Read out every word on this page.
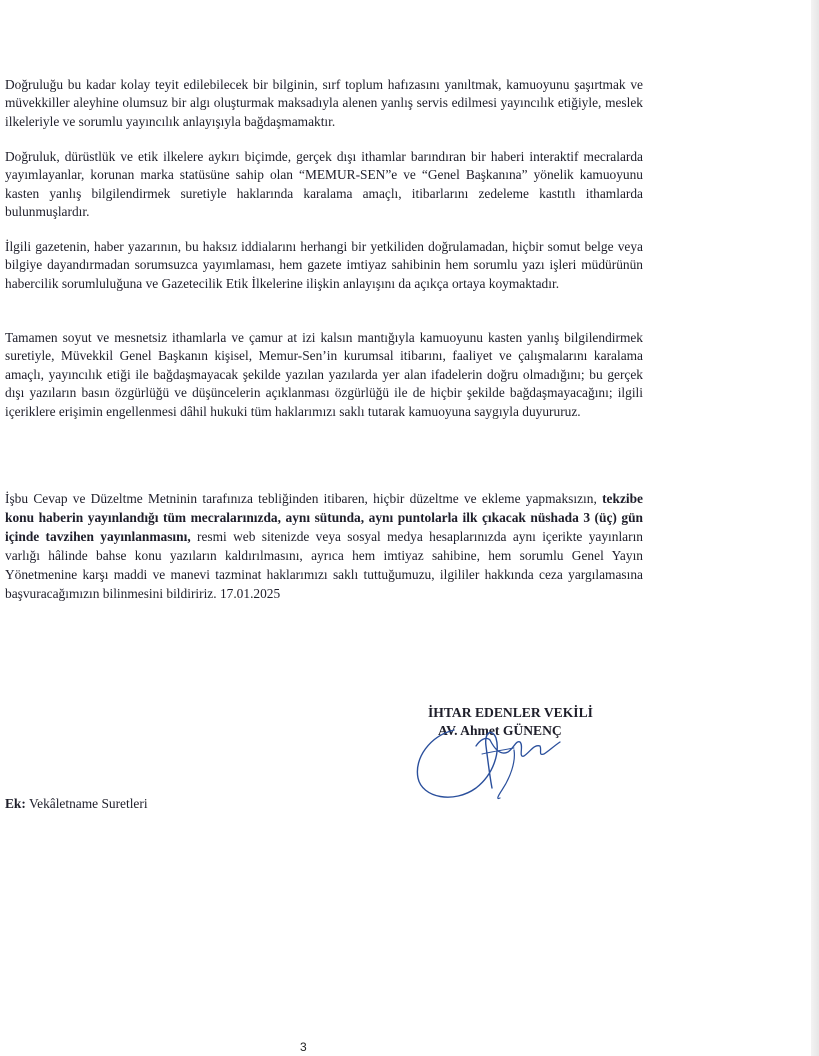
Doğruluğu bu kadar kolay teyit edilebilecek bir bilginin, sırf toplum hafızasını yanıltmak, kamuoyunu şaşırtmak ve müvekkiller aleyhine olumsuz bir algı oluşturmak maksadıyla alenen yanlış servis edilmesi yayıncılık etiğiyle, meslek ilkeleriyle ve sorumlu yayıncılık anlayışıyla bağdaşmamaktır.

Doğruluk, dürüstlük ve etik ilkelere aykırı biçimde, gerçek dışı ithamlar barındıran bir haberi interaktif mecralarda yayımlayanlar, korunan marka statüsüne sahip olan “MEMUR-SEN”e ve “Genel Başkanına” yönelik kamuoyunu kasten yanlış bilgilendirmek suretiyle haklarında karalama amaçlı, itibarlarını zedeleme kastıtlı ithamlarda bulunmuşlardır.

İlgili gazetenin, haber yazarının, bu haksız iddialarını herhangi bir yetkiliden doğrulamadan, hiçbir somut belge veya bilgiye dayandırmadan sorumsuzca yayımlaması, hem gazete imtiyaz sahibinin hem sorumlu yazı işleri müdürünün habercilik sorumluluğuna ve Gazetecilik Etik İlkelerine ilişkin anlayışını da açıkça ortaya koymaktadır.

Tamamen soyut ve mesnetsiz ithamlarla ve çamur at izi kalsın mantığıyla kamuoyunu kasten yanlış bilgilendirmek suretiyle, Müvekkil Genel Başkanın kişisel, Memur-Sen’in kurumsal itibarını, faaliyet ve çalışmalarını karalama amaçlı, yayıncılık etiği ile bağdaşmayacak şekilde yazılan yazılarda yer alan ifadelerin doğru olmadığını; bu gerçek dışı yazıların basın özgürlüğü ve düşüncelerin açıklanması özgürlüğü ile de hiçbir şekilde bağdaşmayacağını; ilgili içeriklere erişimin engellenmesi dâhil hukuki tüm haklarımızı saklı tutarak kamuoyuna saygıyla duyururuz.

İşbu Cevap ve Düzeltme Metninin tarafınıza tebliğinden itibaren, hiçbir düzeltme ve ekleme yapmaksızın, tekzibe konu haberin yayınlandığı tüm mecralarınızda, aynı sütunda, aynı puntolarla ilk çıkacak nüshada 3 (üç) gün içinde tavzihen yayınlanmasını, resmi web sitenizde veya sosyal medya hesaplarınızda aynı içerikte yayınların varlığı hâlinde bahse konu yazıların kaldırılmasını, ayrıca hem imtiyaz sahibine, hem sorumlu Genel Yayın Yönetmenine karşı maddi ve manevi tazminat haklarımızı saklı tuttuğumuzu, ilgililer hakkında ceza yargılamasına başvuracağımızın bilinmesini bildiririz. 17.01.2025

İHTAR EDENLER VEKİLİ
AV. Ahmet GÜNENÇ
Ek: Vekâletname Suretleri
3
